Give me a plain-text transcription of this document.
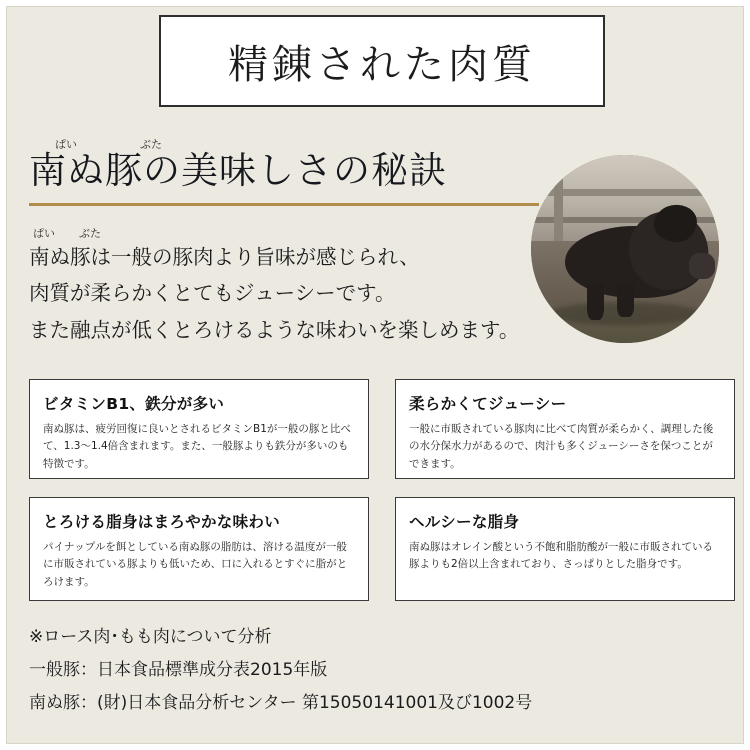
精錬された肉質
ぱい	ぶた
南ぬ豚の美味しさの秘訣
ぱい ぶた
南ぬ豚は一般の豚肉より旨味が感じられ、
肉質が柔らかくとてもジューシーです。
また融点が低くとろけるような味わいを楽しめます。
ビタミンB1、鉄分が多い
南ぬ豚は、疲労回復に良いとされるビタミンB1が一般の豚と比べて、1.3〜1.4倍含まれます。また、一般豚よりも鉄分が多いのも特徴です。
柔らかくてジューシー
一般に市販されている豚肉に比べて肉質が柔らかく、調理した後の水分保水力があるので、肉汁も多くジューシーさを保つことができます。
とろける脂身はまろやかな味わい
パイナップルを餌としている南ぬ豚の脂肪は、溶ける温度が一般に市販されている豚よりも低いため、口に入れるとすぐに脂がとろけます。
ヘルシーな脂身
南ぬ豚はオレイン酸という不飽和脂肪酸が一般に市販されている豚よりも2倍以上含まれており、さっぱりとした脂身です。
※ロース肉･もも肉について分析
一般豚：日本食品標準成分表2015年版
南ぬ豚：(財)日本食品分析センター 第15050141001及び1002号
